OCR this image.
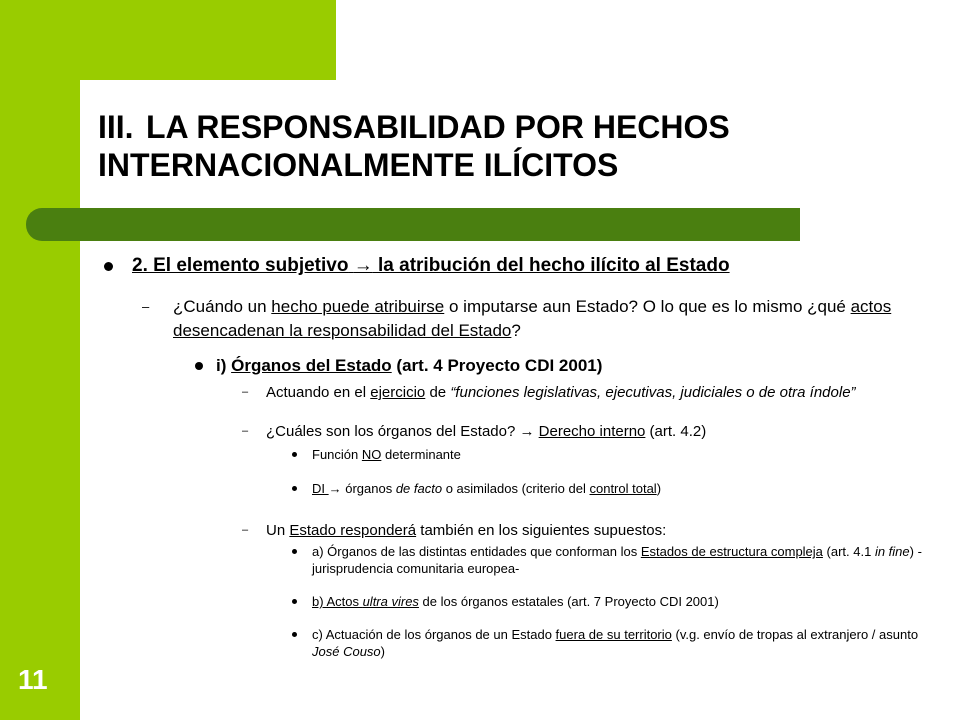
III. LA RESPONSABILIDAD POR HECHOS INTERNACIONALMENTE ILÍCITOS
11
2. El elemento subjetivo → la atribución del hecho ilícito al Estado
– ¿Cuándo un hecho puede atribuirse o imputarse aun Estado? O lo que es lo mismo ¿qué actos desencadenan la responsabilidad del Estado?
i) Órganos del Estado (art. 4 Proyecto CDI 2001)
– Actuando en el ejercicio de “funciones legislativas, ejecutivas, judiciales o de otra índole”
– ¿Cuáles son los órganos del Estado? → Derecho interno (art. 4.2)
Función NO determinante
DI → órganos de facto o asimilados (criterio del control total)
– Un Estado responderá también en los siguientes supuestos:
a) Órganos de las distintas entidades que conforman los Estados de estructura compleja (art. 4.1 in fine) -jurisprudencia comunitaria europea-
b) Actos ultra vires de los órganos estatales (art. 7 Proyecto CDI 2001)
c) Actuación de los órganos de un Estado fuera de su territorio (v.g. envío de tropas al extranjero / asunto José Couso)
